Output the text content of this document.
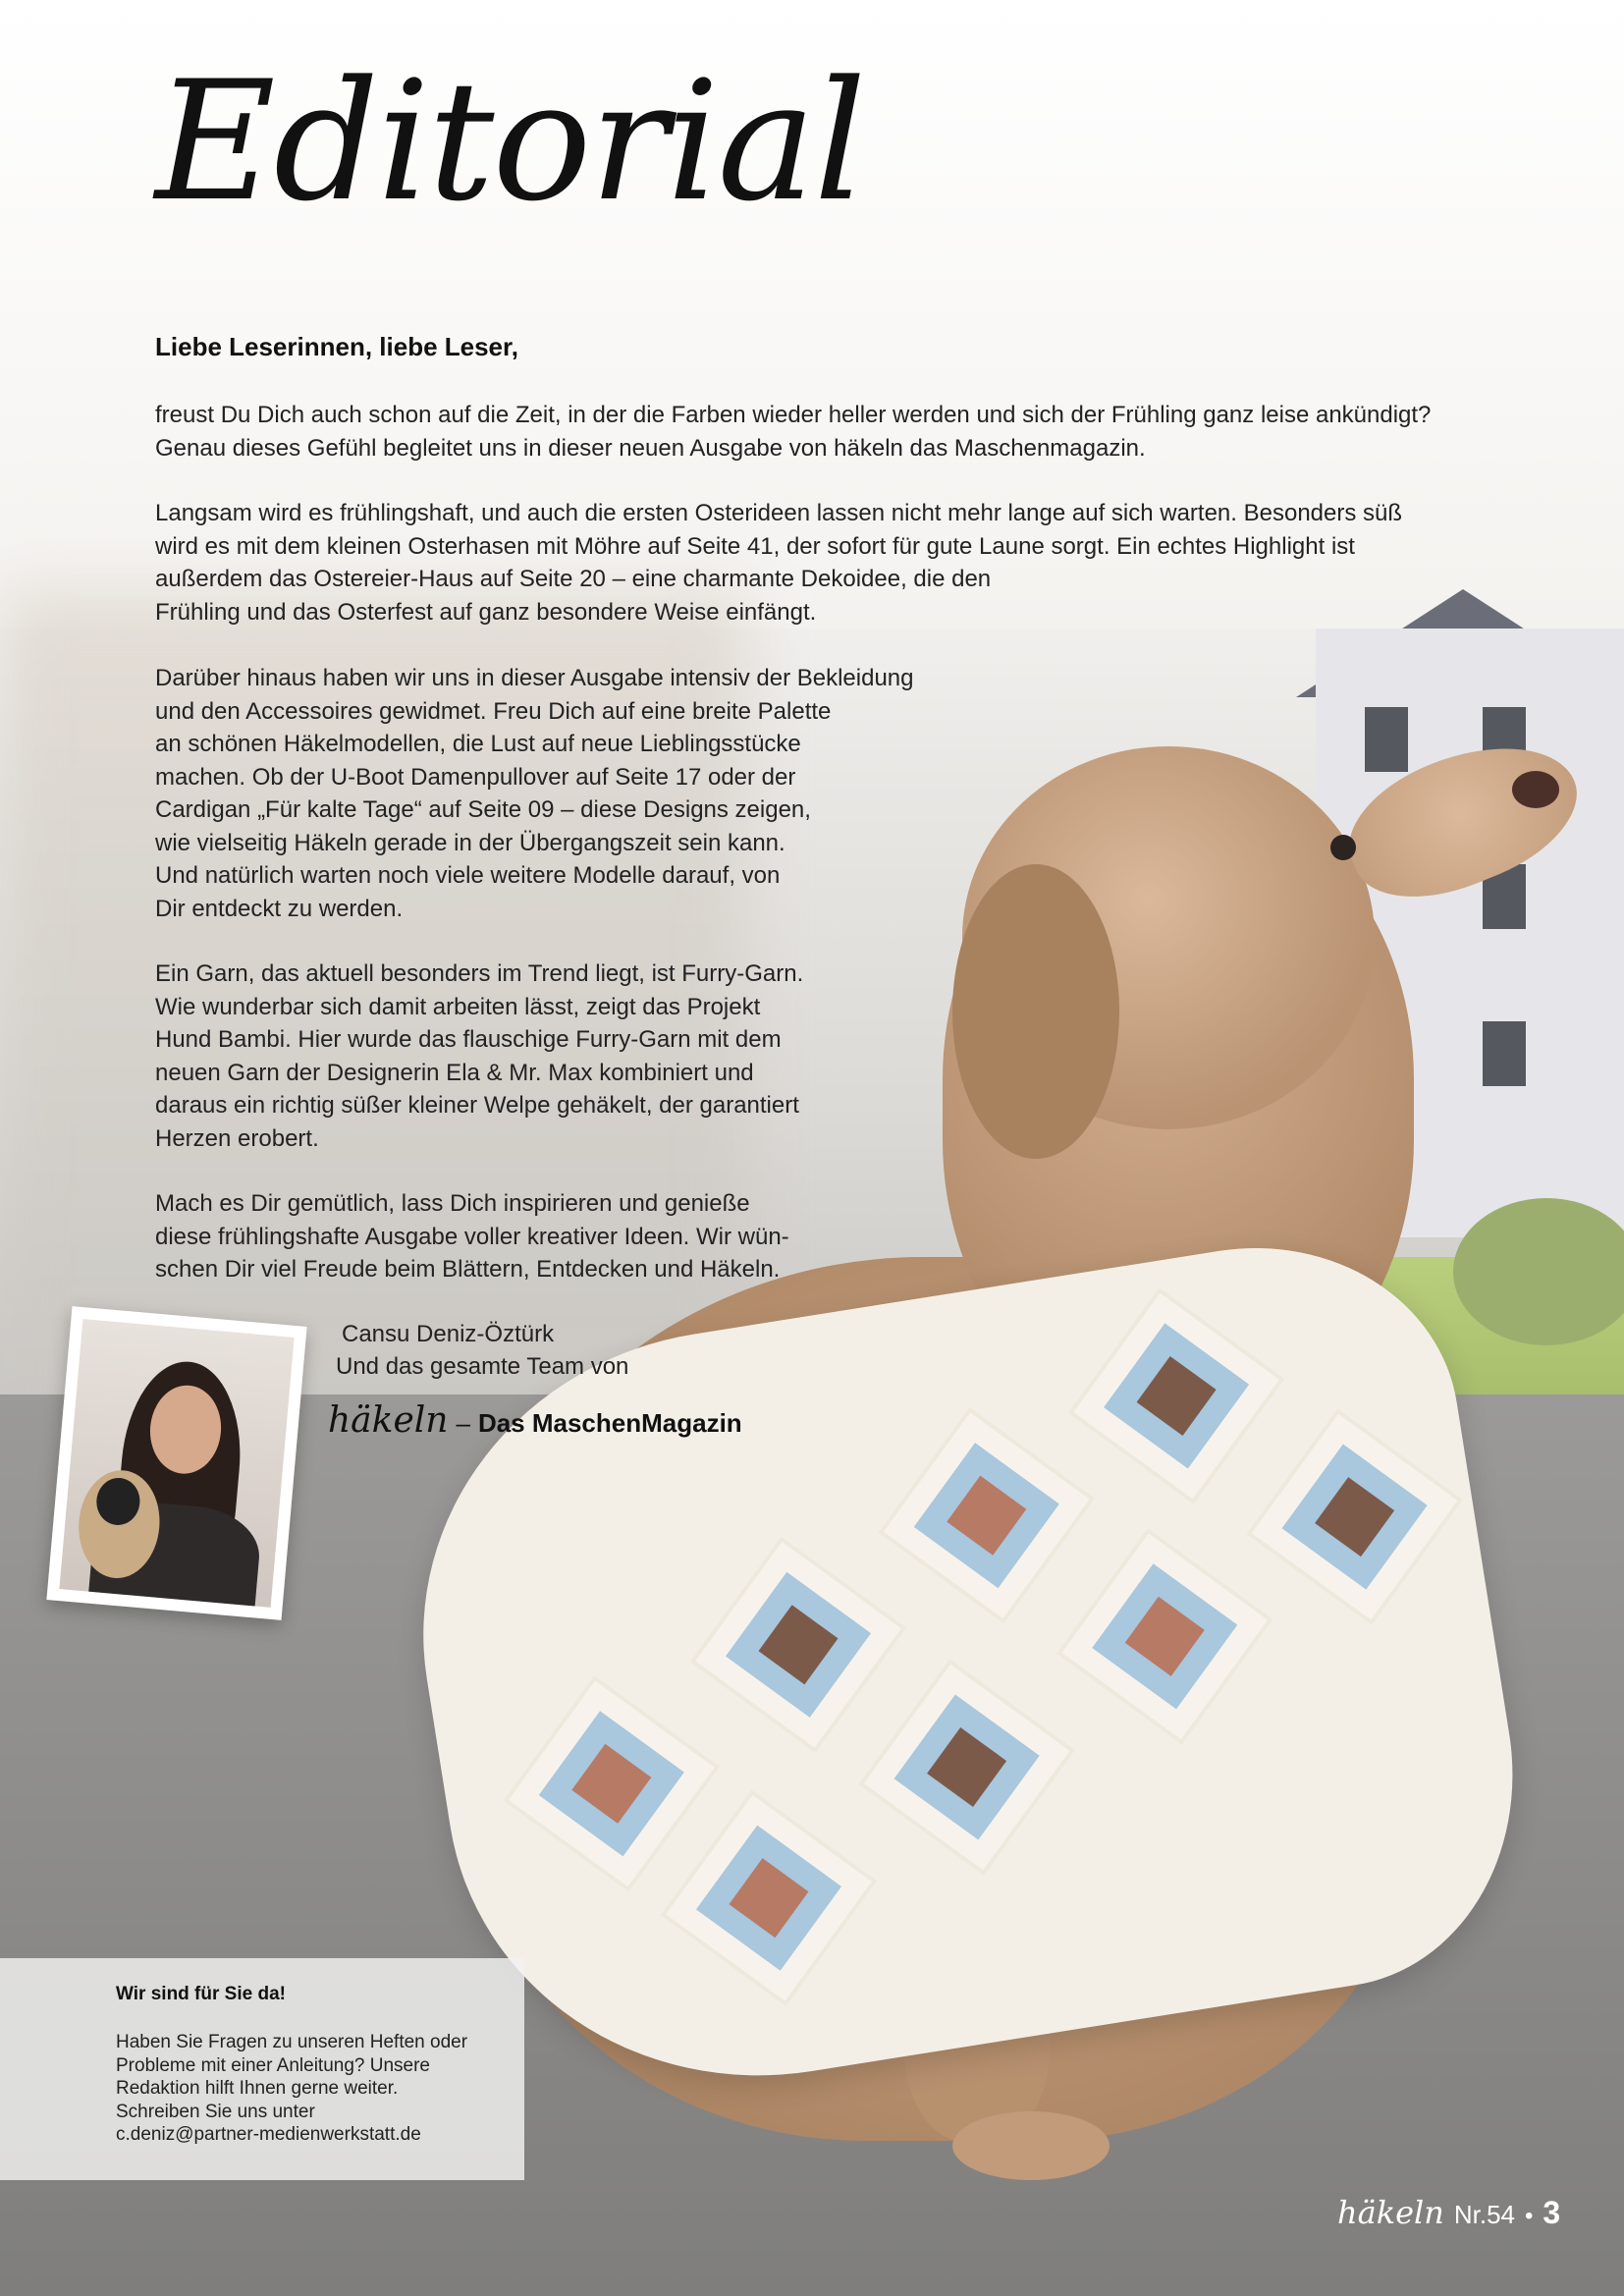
Editorial
Liebe Leserinnen, liebe Leser,

freust Du Dich auch schon auf die Zeit, in der die Farben wieder heller werden und sich der Frühling ganz leise ankündigt?
Genau dieses Gefühl begleitet uns in dieser neuen Ausgabe von häkeln das Maschenmagazin.

Langsam wird es frühlingshaft, und auch die ersten Osterideen lassen nicht mehr lange auf sich warten. Besonders süß
wird es mit dem kleinen Osterhasen mit Möhre auf Seite 41, der sofort für gute Laune sorgt. Ein echtes Highlight ist
außerdem das Ostereier-Haus auf Seite 20 – eine charmante Dekoidee, die den
Frühling und das Osterfest auf ganz besondere Weise einfängt.

Darüber hinaus haben wir uns in dieser Ausgabe intensiv der Bekleidung
und den Accessoires gewidmet. Freu Dich auf eine breite Palette
an schönen Häkelmodellen, die Lust auf neue Lieblingsstücke
machen. Ob der U-Boot Damenpullover auf Seite 17 oder der
Cardigan „Für kalte Tage“ auf Seite 09 – diese Designs zeigen,
wie vielseitig Häkeln gerade in der Übergangszeit sein kann.
Und natürlich warten noch viele weitere Modelle darauf, von
Dir entdeckt zu werden.

Ein Garn, das aktuell besonders im Trend liegt, ist Furry-Garn.
Wie wunderbar sich damit arbeiten lässt, zeigt das Projekt
Hund Bambi. Hier wurde das flauschige Furry-Garn mit dem
neuen Garn der Designerin Ela & Mr. Max kombiniert und
daraus ein richtig süßer kleiner Welpe gehäkelt, der garantiert
Herzen erobert.

Mach es Dir gemütlich, lass Dich inspirieren und genieße
diese frühlingshafte Ausgabe voller kreativer Ideen. Wir wün-
schen Dir viel Freude beim Blättern, Entdecken und Häkeln.

Cansu Deniz-Öztürk
Und das gesamte Team von
häkeln – Das MaschenMagazin

Wir sind für Sie da!

Haben Sie Fragen zu unseren Heften oder
Probleme mit einer Anleitung? Unsere
Redaktion hilft Ihnen gerne weiter.
Schreiben Sie uns unter
c.deniz@partner-medienwerkstatt.de

häkeln Nr.54 • 3
